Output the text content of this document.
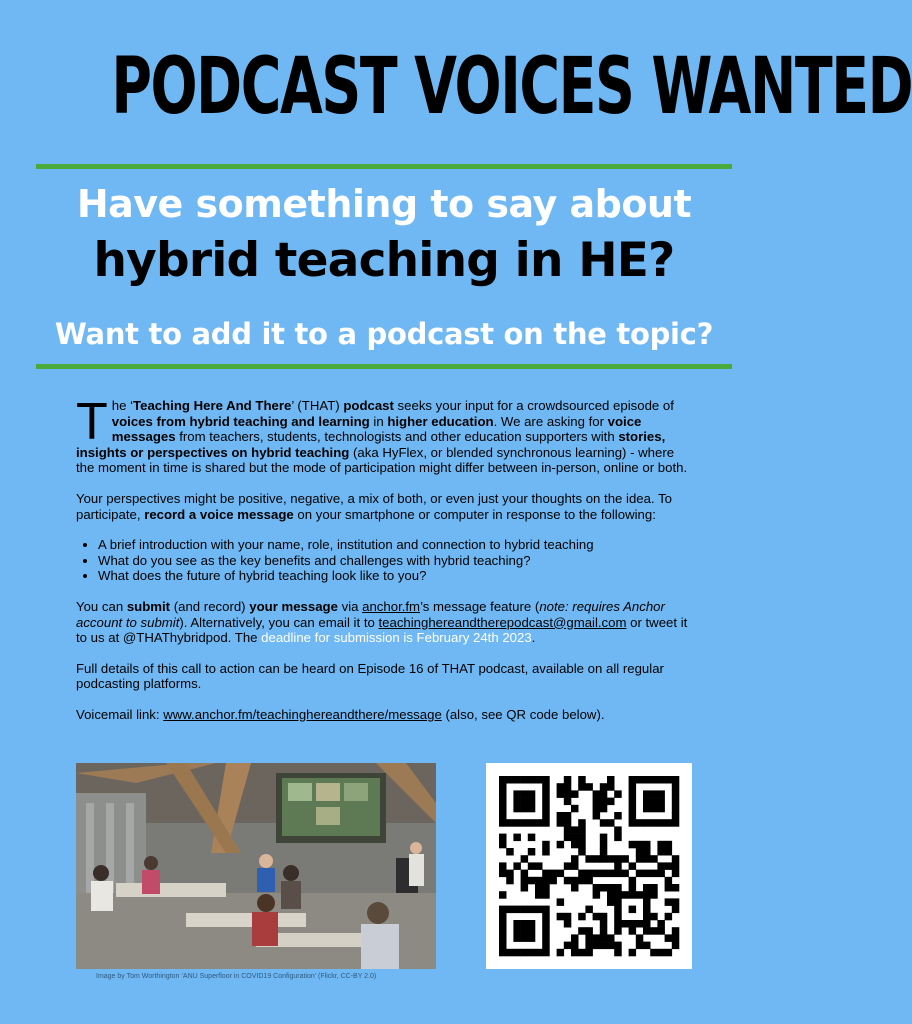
PODCAST VOICES WANTED
Have something to say about
hybrid teaching in HE?
Want to add it to a podcast on the topic?

The ‘Teaching Here And There’ (THAT) podcast seeks your input for a crowdsourced episode of voices from hybrid teaching and learning in higher education. We are asking for voice messages from teachers, students, technologists and other education supporters with stories, insights or perspectives on hybrid teaching (aka HyFlex, or blended synchronous learning) - where the moment in time is shared but the mode of participation might differ between in-person, online or both.

Your perspectives might be positive, negative, a mix of both, or even just your thoughts on the idea. To participate, record a voice message on your smartphone or computer in response to the following:

• A brief introduction with your name, role, institution and connection to hybrid teaching
• What do you see as the key benefits and challenges with hybrid teaching?
• What does the future of hybrid teaching look like to you?

You can submit (and record) your message via anchor.fm’s message feature (note: requires Anchor account to submit). Alternatively, you can email it to teachinghereandtherepodcast@gmail.com or tweet it to us at @THAThybridpod. The deadline for submission is February 24th 2023.

Full details of this call to action can be heard on Episode 16 of THAT podcast, available on all regular podcasting platforms.

Voicemail link: www.anchor.fm/teachinghereandthere/message (also, see QR code below).

Image by Tom Worthington ‘ANU Superfloor in COVID19 Configuration’ (Flickr, CC-BY 2.0)
